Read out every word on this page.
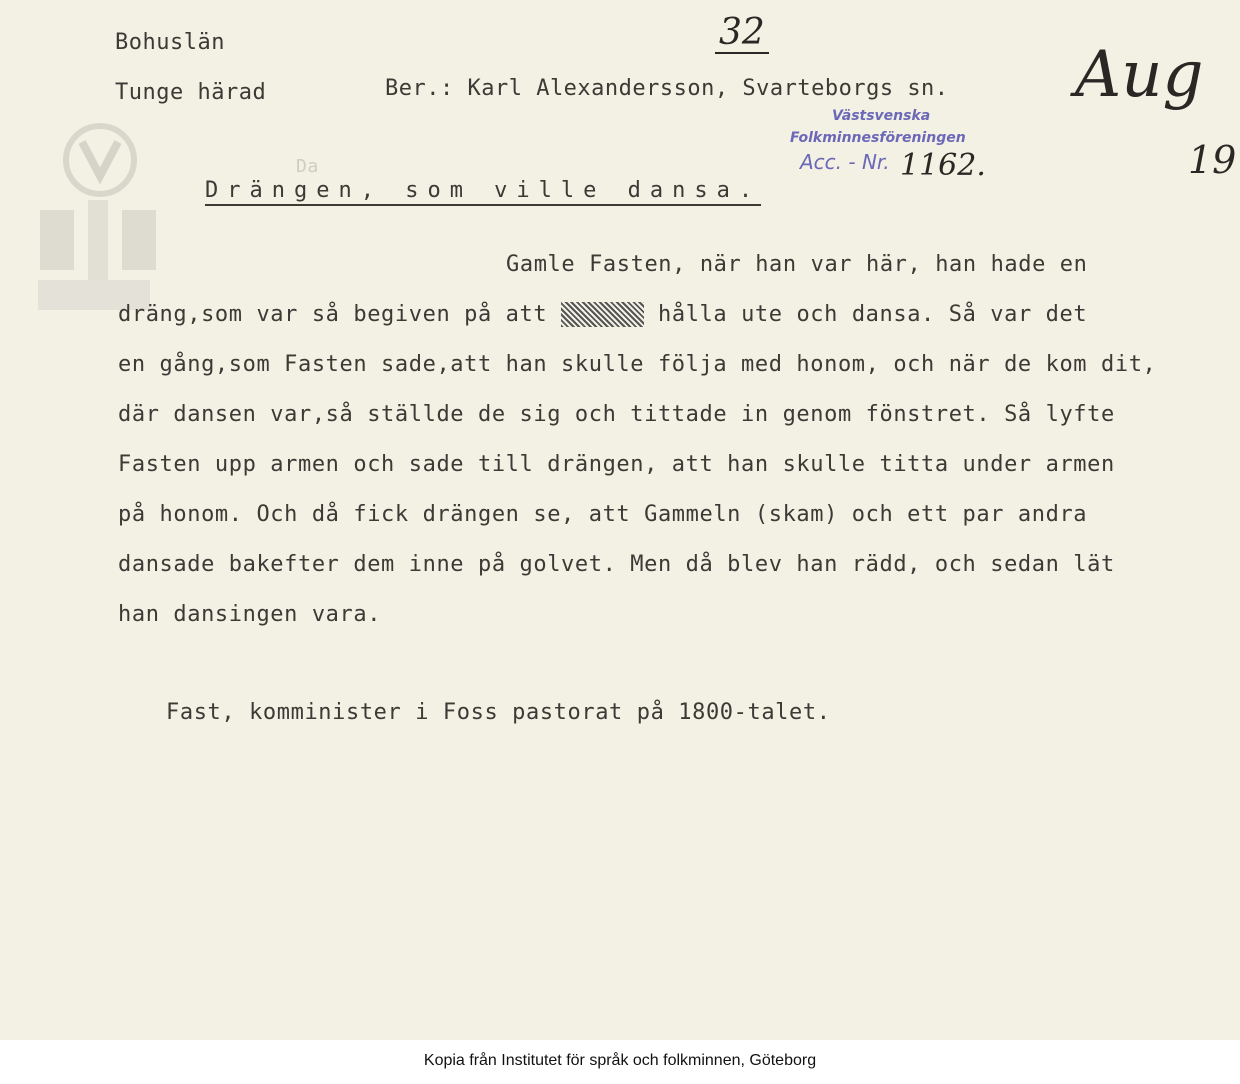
Bohuslän
Tunge härad	Ber.: Karl Alexandersson, Svarteborgs sn.
32
Aug
19
Västsvenska
Folkminnesföreningen
Acc. - Nr. 1162.
Da
Drängen, som ville dansa.
Gamle Fasten, när han var här, han hade en
dräng,som var så begiven på att	hålla ute och dansa. Så var det
en gång,som Fasten sade,att han skulle följa med honom, och när de kom dit,
där dansen var,så ställde de sig och tittade in genom fönstret. Så lyfte
Fasten upp armen och sade till drängen, att han skulle titta under armen
på honom. Och då fick drängen se, att Gammeln (skam) och ett par andra
dansade bakefter dem inne på golvet. Men då blev han rädd, och sedan lät
han dansingen vara.
Fast, komminister i Foss pastorat på 1800-talet.
Kopia från Institutet för språk och folkminnen, Göteborg
